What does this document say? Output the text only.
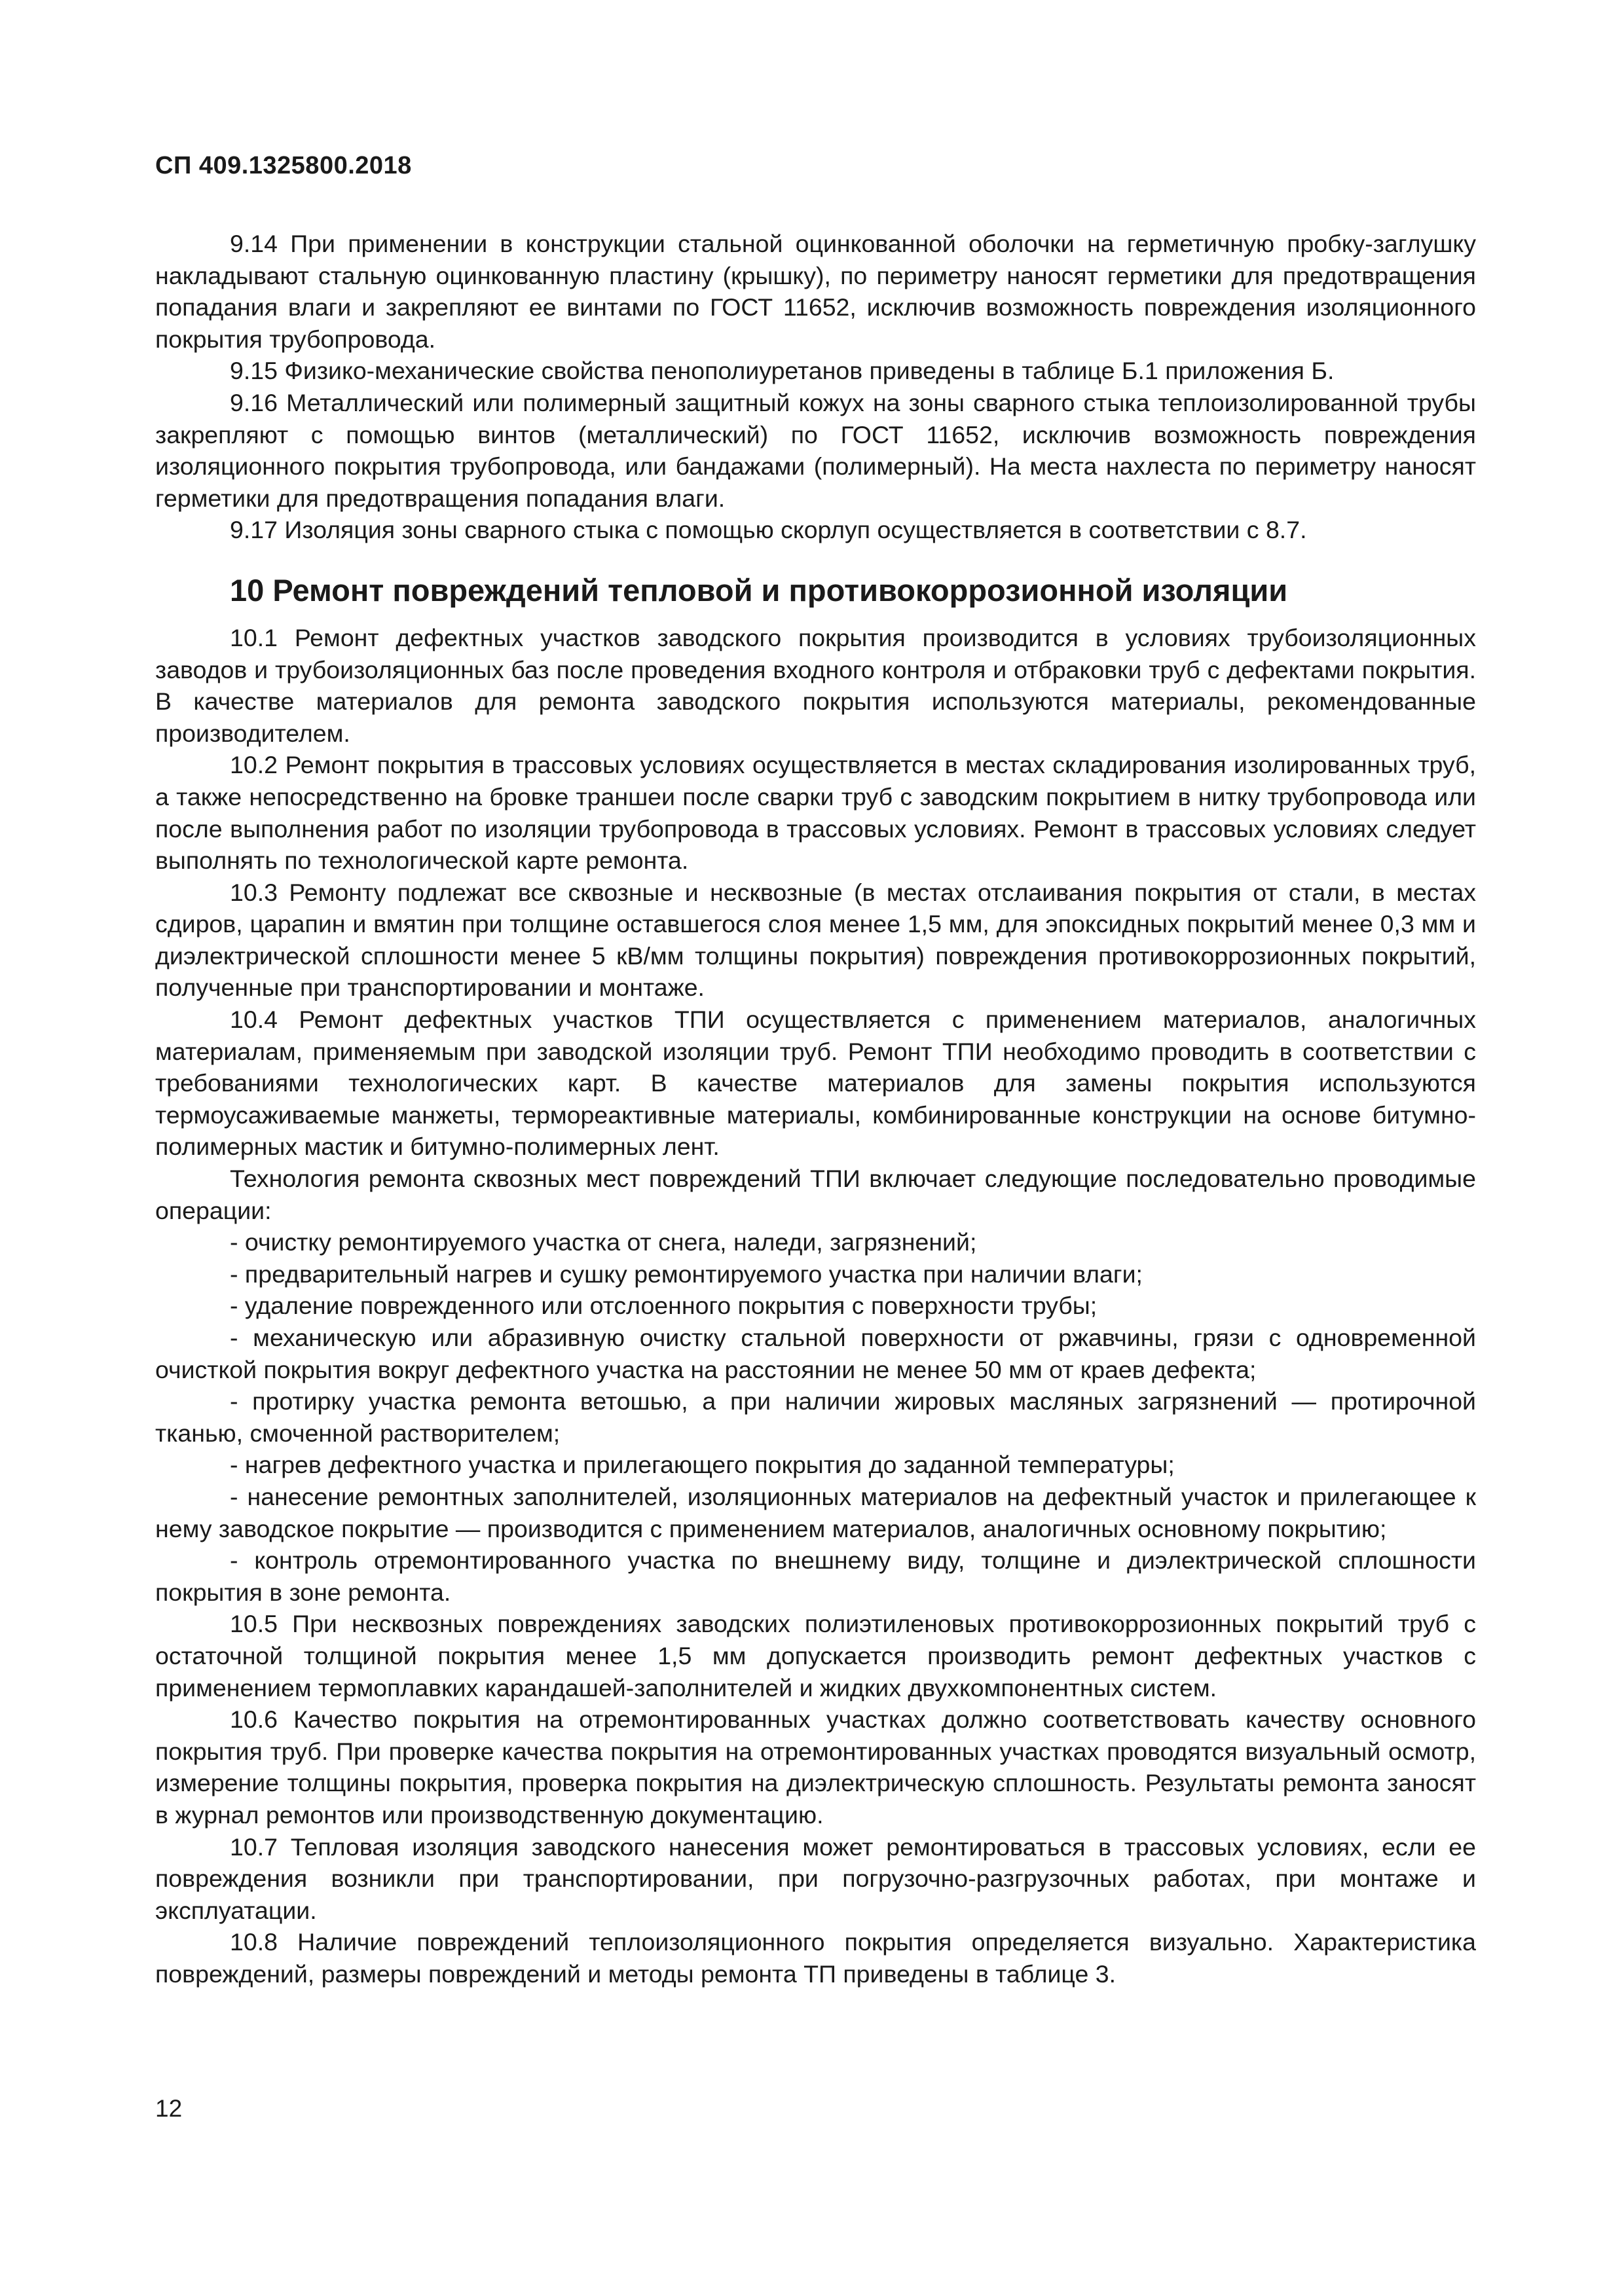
СП 409.1325800.2018

9.14 При применении в конструкции стальной оцинкованной оболочки на герметичную пробку-заглушку накладывают стальную оцинкованную пластину (крышку), по периметру наносят герметики для предотвращения попадания влаги и закрепляют ее винтами по ГОСТ 11652, исключив возможность повреждения изоляционного покрытия трубопровода.

9.15 Физико-механические свойства пенополиуретанов приведены в таблице Б.1 приложения Б.

9.16 Металлический или полимерный защитный кожух на зоны сварного стыка теплоизолированной трубы закрепляют с помощью винтов (металлический) по ГОСТ 11652, исключив возможность повреждения изоляционного покрытия трубопровода, или бандажами (полимерный). На места нахлеста по периметру наносят герметики для предотвращения попадания влаги.

9.17 Изоляция зоны сварного стыка с помощью скорлуп осуществляется в соответствии с 8.7.

10 Ремонт повреждений тепловой и противокоррозионной изоляции

10.1 Ремонт дефектных участков заводского покрытия производится в условиях трубоизоляционных заводов и трубоизоляционных баз после проведения входного контроля и отбраковки труб с дефектами покрытия. В качестве материалов для ремонта заводского покрытия используются материалы, рекомендованные производителем.

10.2 Ремонт покрытия в трассовых условиях осуществляется в местах складирования изолированных труб, а также непосредственно на бровке траншеи после сварки труб с заводским покрытием в нитку трубопровода или после выполнения работ по изоляции трубопровода в трассовых условиях. Ремонт в трассовых условиях следует выполнять по технологической карте ремонта.

10.3 Ремонту подлежат все сквозные и несквозные (в местах отслаивания покрытия от стали, в местах сдиров, царапин и вмятин при толщине оставшегося слоя менее 1,5 мм, для эпоксидных покрытий менее 0,3 мм и диэлектрической сплошности менее 5 кВ/мм толщины покрытия) повреждения противокоррозионных покрытий, полученные при транспортировании и монтаже.

10.4 Ремонт дефектных участков ТПИ осуществляется с применением материалов, аналогичных материалам, применяемым при заводской изоляции труб. Ремонт ТПИ необходимо проводить в соответствии с требованиями технологических карт. В качестве материалов для замены покрытия используются термоусаживаемые манжеты, термореактивные материалы, комбинированные конструкции на основе битумно-полимерных мастик и битумно-полимерных лент.

Технология ремонта сквозных мест повреждений ТПИ включает следующие последовательно проводимые операции:

- очистку ремонтируемого участка от снега, наледи, загрязнений;

- предварительный нагрев и сушку ремонтируемого участка при наличии влаги;

- удаление поврежденного или отслоенного покрытия с поверхности трубы;

- механическую или абразивную очистку стальной поверхности от ржавчины, грязи с одновременной очисткой покрытия вокруг дефектного участка на расстоянии не менее 50 мм от краев дефекта;

- протирку участка ремонта ветошью, а при наличии жировых масляных загрязнений — протирочной тканью, смоченной растворителем;

- нагрев дефектного участка и прилегающего покрытия до заданной температуры;

- нанесение ремонтных заполнителей, изоляционных материалов на дефектный участок и прилегающее к нему заводское покрытие — производится с применением материалов, аналогичных основному покрытию;

- контроль отремонтированного участка по внешнему виду, толщине и диэлектрической сплошности покрытия в зоне ремонта.

10.5 При несквозных повреждениях заводских полиэтиленовых противокоррозионных покрытий труб с остаточной толщиной покрытия менее 1,5 мм допускается производить ремонт дефектных участков с применением термоплавких карандашей-заполнителей и жидких двухкомпонентных систем.

10.6 Качество покрытия на отремонтированных участках должно соответствовать качеству основного покрытия труб. При проверке качества покрытия на отремонтированных участках проводятся визуальный осмотр, измерение толщины покрытия, проверка покрытия на диэлектрическую сплошность. Результаты ремонта заносят в журнал ремонтов или производственную документацию.

10.7 Тепловая изоляция заводского нанесения может ремонтироваться в трассовых условиях, если ее повреждения возникли при транспортировании, при погрузочно-разгрузочных работах, при монтаже и эксплуатации.

10.8 Наличие повреждений теплоизоляционного покрытия определяется визуально. Характеристика повреждений, размеры повреждений и методы ремонта ТП приведены в таблице 3.

12
